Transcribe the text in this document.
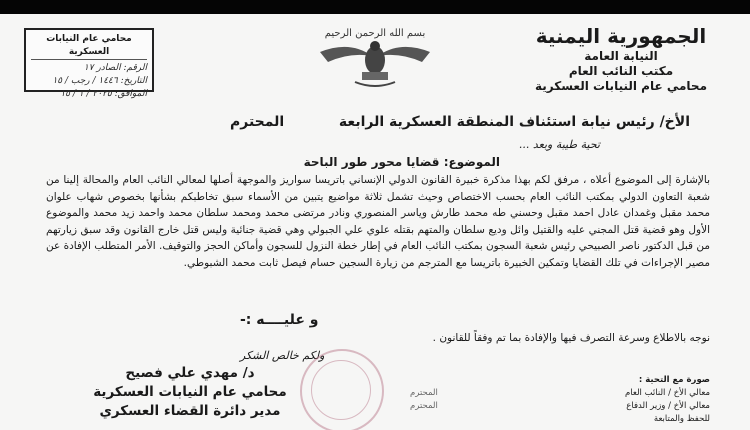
الجمهورية اليمنية
النيابة العامة
مكتب النائب العام
محامي عام النيابات العسكرية
بسم الله الرحمن الرحيم
محامي عام النيابات العسكرية
الرقم: الصادر ١٧
التاريخ: ١٤٤٦ / رجب / ١٥
الموافق: ٢٠٢٥ / ١ / ١٥
الأخ/ رئيس نيابة استئناف المنطقة العسكرية الرابعة
المحترم
تحية طيبة وبعد ...
الموضوع: قضايا محور طور الباحة

بالإشارة إلى الموضوع أعلاه ، مرفق لكم بهذا مذكرة خبيرة القانون الدولي الإنساني باتريسا سواريز والموجهة أصلها لمعالي النائب العام والمحالة إلينا من شعبة التعاون الدولي بمكتب النائب العام بحسب الاختصاص وحيث تشمل ثلاثة مواضيع يتبين من الأسماء سبق تخاطبكم بشأنها بخصوص شهاب علوان محمد مقبل وغمدان عادل احمد مقبل وحسني طه محمد طارش وياسر المنصوري ونادر مرتضى محمد ومحمد سلطان محمد واحمد زيد محمد والموضوع الأول وهو قضية قتل المجني عليه والقتيل وائل وديع سلطان والمتهم بقتله علوي علي الجبولي وهي قضية جنائية وليس قتل خارج القانون وقد سبق زيارتهم من قبل الدكتور ناصر الصبيحي رئيس شعبة السجون بمكتب النائب العام في إطار خطة النزول للسجون وأماكن الحجز والتوقيف. الأمر المتطلب الإفادة عن مصير الإجراءات في تلك القضايا وتمكين الخبيرة باتريسا مع المترجم من زيارة السجين حسام فيصل ثابت محمد الشبوطي.

و عليــــه :-
نوجه بالاطلاع وسرعة التصرف فيها والإفادة بما تم وفقاً للقانون .
ولكم خالص الشكر
د/ مهدي علي فصيح
محامي عام النيابات العسكرية
مدير دائرة القضاء العسكري
صورة مع التحية :
معالي الأخ / النائب العام
المحترم
معالي الأخ / وزير الدفاع
المحترم
للحفظ والمتابعة
